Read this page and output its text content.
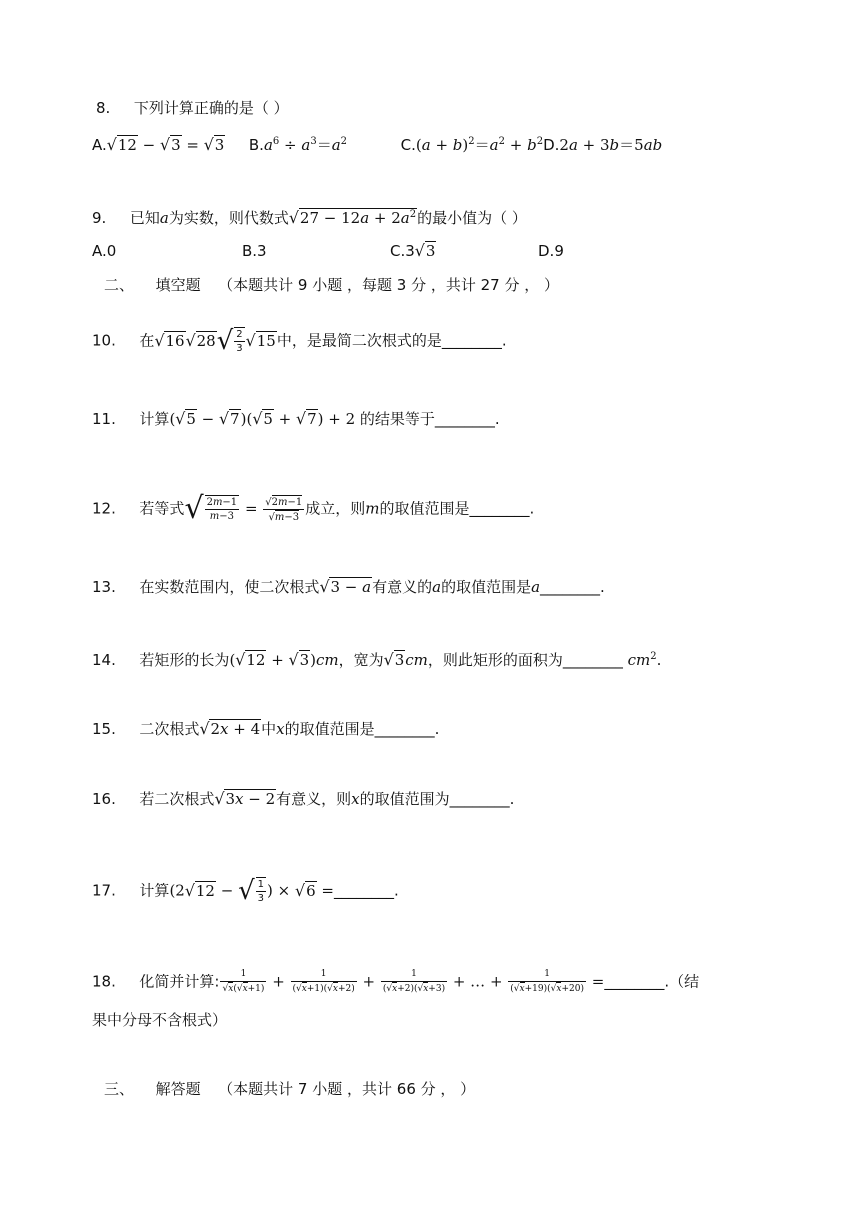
8. 下列计算正确的是（ ）
A.√12 − √3 = √3 $B.a^6 \div a^3=a^2$	$C.(a + b)^2=a^2 + b^2D.2a + 3b=5ab$
9. 已知a为实数，则代数式$√27 - 12a + 2a^2$的最小值为（ ）
A.0	B.3	C.3√3	D.9
二、 填空题 （本题共计 9 小题 ，每题 3 分 ，共计 27 分 ， ）
10. 在$√16√28√ \frac{2}{3} √15$中，是最简二次根式的是________.
11. 计算(√5 − √7)(√5 + √7) + 2 的结果等于________.
12. 若等式√ $\frac{2m-1}{m-3} = \frac{√2m-1}{√m-3}$ 成立，则m的取值范围是________.
13. 在实数范围内，使二次根式√3 − a有意义的a的取值范围是a________.
14. 若矩形的长为(√12 + √3)cm，宽为√3cm，则此矩形的面积为________ $cm^2$.
15. 二次根式√2x + 4中x的取值范围是________.
16. 若二次根式√3x − 2有意义，则x的取值范围为________.
17. 计算(2√12 − √ $\frac{1}{3}$ ) × √6 =________.
18. 化简并计算: $\frac{1}{√x(√x+1)} + \frac{1}{(√x+1)(√x+2)} + \frac{1}{(√x+2)(√x+3)}$ + … + $\frac{1}{(√x+19)(√x+20)}$ =________.（结
果中分母不含根式）
三、 解答题 （本题共计 7 小题 ，共计 66 分 ， ）
